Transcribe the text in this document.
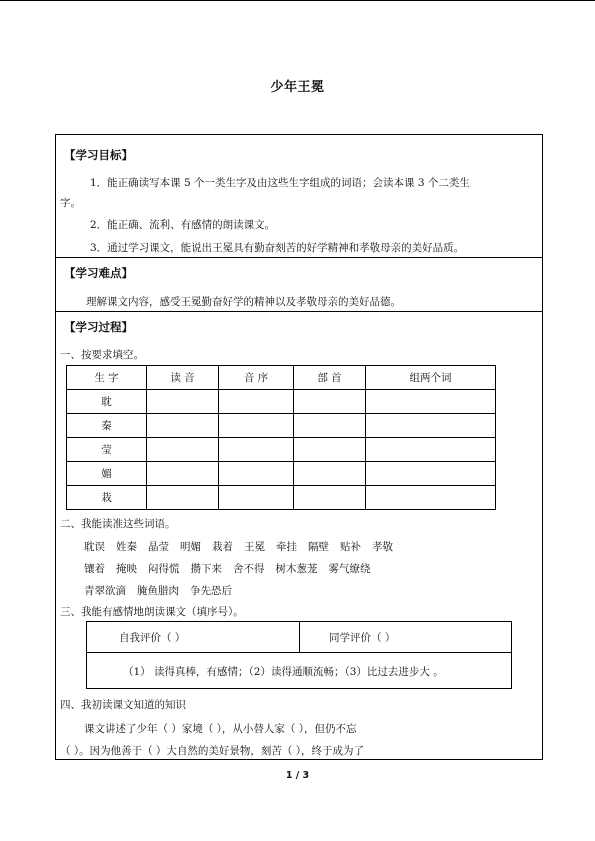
少年王冕
【学习目标】
1．能正确读写本课 5 个一类生字及由这些生字组成的词语；会读本课 3 个二类生
字。
2．能正确、流利、有感情的朗读课文。
3．通过学习课文，能说出王冕具有勤奋刻苦的好学精神和孝敬母亲的美好品质。
【学习难点】
理解课文内容，感受王冕勤奋好学的精神以及孝敬母亲的美好品德。
【学习过程】
一、按要求填空。
生 字	读 音	音 序	部 首	组两个词
耽				
秦				
莹				
媚				
栽				
二、我能读准这些词语。
耽误 姓秦 晶莹 明媚 栽着 王冕 牵挂 隔壁 贴补 孝敬
镶着 掩映 闷得慌 攒下来 舍不得 树木葱茏 雾气缭绕
青翠欲滴 腌鱼腊肉 争先恐后
三、我能有感情地朗读课文（填序号）。
自我评价（ ）	同学评价（ ）
（1） 读得真棒，有感情；（2）读得通顺流畅；（3）比过去进步大 。
四、我初读课文知道的知识
课文讲述了少年（ ）家境（ ），从小替人家（ ），但仍不忘
（ ）。因为他善于（ ）大自然的美好景物，刻苦（ ），终于成为了
1 / 3
